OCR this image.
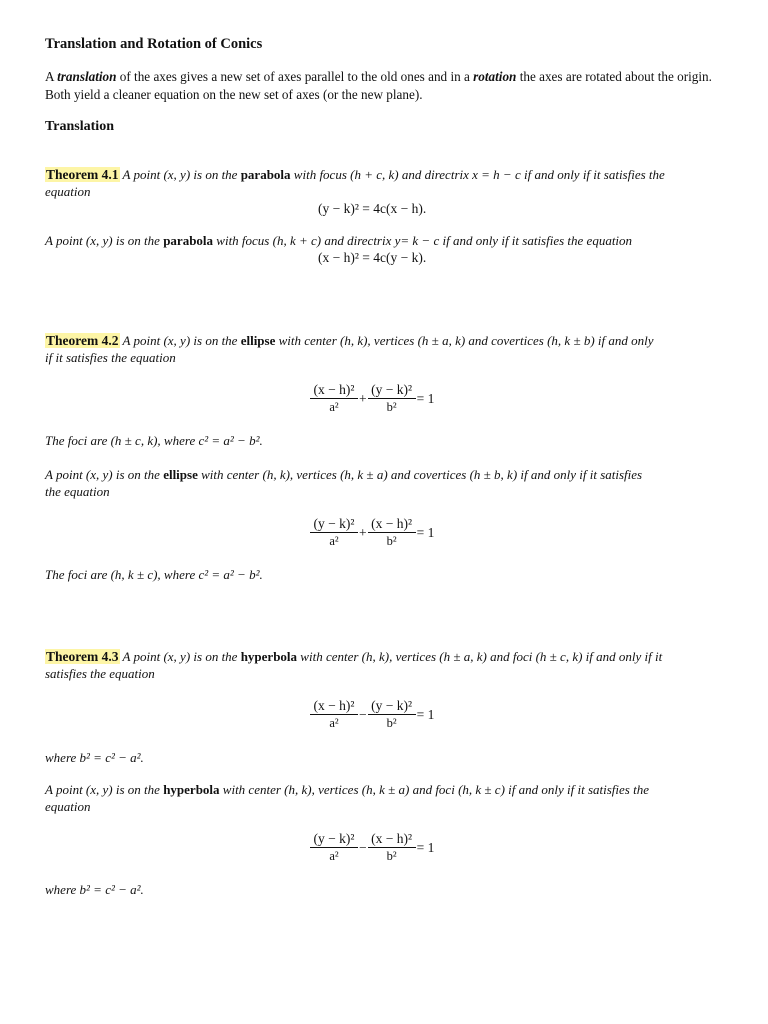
Translation and Rotation of Conics
A translation of the axes gives a new set of axes parallel to the old ones and in a rotation the axes are rotated about the origin. Both yield a cleaner equation on the new set of axes (or the new plane).
Translation
Theorem 4.1 A point (x, y) is on the parabola with focus (h + c, k) and directrix x = h − c if and only if it satisfies the
equation
(y − k)² = 4c(x − h).
A point (x, y) is on the parabola with focus (h, k + c) and directrix y= k − c if and only if it satisfies the equation
(x − h)² = 4c(y − k).
Theorem 4.2 A point (x, y) is on the ellipse with center (h, k), vertices (h ± a, k) and covertices (h, k ± b) if and only
if it satisfies the equation
$\frac{\text{(x − h)²}}{\text{a²}} + \frac{\text{(y − k)²}}{\text{b²}} = 1$
The foci are (h ± c, k), where c² = a² − b².
A point (x, y) is on the ellipse with center (h, k), vertices (h, k ± a) and covertices (h ± b, k) if and only if it satisfies
the equation
$\frac{\text{(y − k)²}}{\text{a²}} + \frac{\text{(x − h)²}}{\text{b²}} = 1$
The foci are (h, k ± c), where c² = a² − b².
Theorem 4.3 A point (x, y) is on the hyperbola with center (h, k), vertices (h ± a, k) and foci (h ± c, k) if and only if it
satisfies the equation
$\frac{\text{(x − h)²}}{\text{a²}} - \frac{\text{(y − k)²}}{\text{b²}} = 1$
where b² = c² − a².
A point (x, y) is on the hyperbola with center (h, k), vertices (h, k ± a) and foci (h, k ± c) if and only if it satisfies the
equation
$\frac{\text{(y − k)²}}{\text{a²}} - \frac{\text{(x − h)²}}{\text{b²}} = 1$
where b² = c² − a².
